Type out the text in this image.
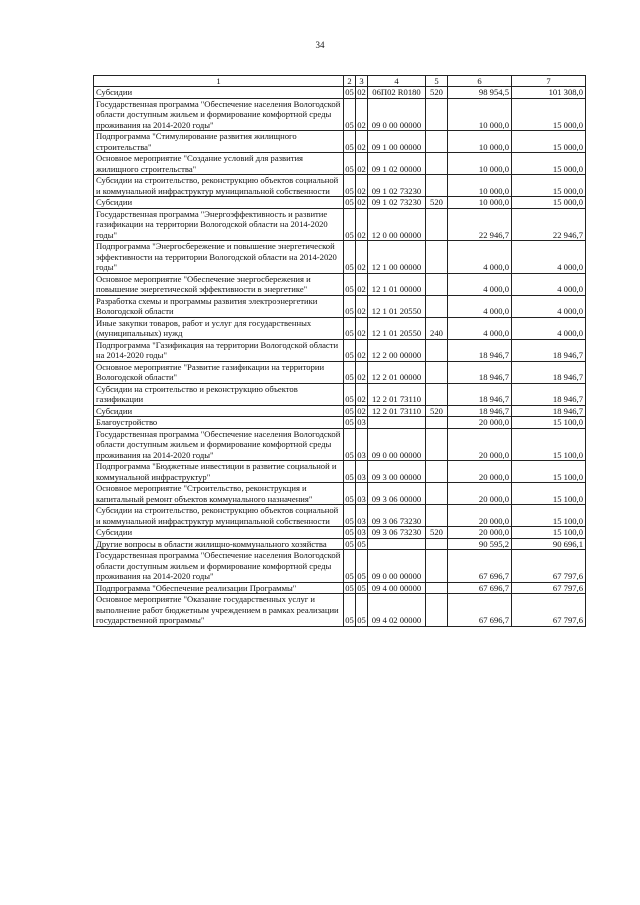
34
1	2	3	4	5	6	7
Субсидии	05	02	06П02 R0180	520	98 954,5	101 308,0
Государственная программа "Обеспечение населения Вологодской области доступным жильем и формирование комфортной среды проживания на 2014-2020 годы"	05	02	09 0 00 00000		10 000,0	15 000,0
Подпрограмма "Стимулирование развития жилищного строительства"	05	02	09 1 00 00000		10 000,0	15 000,0
Основное мероприятие "Создание условий для развития жилищного строительства"	05	02	09 1 02 00000		10 000,0	15 000,0
Субсидии на строительство, реконструкцию объектов социальной и коммунальной инфраструктур муниципальной собственности	05	02	09 1 02 73230		10 000,0	15 000,0
Субсидии	05	02	09 1 02 73230	520	10 000,0	15 000,0
Государственная программа "Энергоэффективность и развитие газификации на территории Вологодской области на 2014-2020 годы"	05	02	12 0 00 00000		22 946,7	22 946,7
Подпрограмма "Энергосбережение и повышение энергетической эффективности на территории Вологодской области на 2014-2020 годы"	05	02	12 1 00 00000		4 000,0	4 000,0
Основное мероприятие "Обеспечение энергосбережения и повышение энергетической эффективности в энергетике"	05	02	12 1 01 00000		4 000,0	4 000,0
Разработка схемы и программы развития электроэнергетики Вологодской области	05	02	12 1 01 20550		4 000,0	4 000,0
Иные закупки товаров, работ и услуг для государственных (муниципальных) нужд	05	02	12 1 01 20550	240	4 000,0	4 000,0
Подпрограмма "Газификация на территории Вологодской области на 2014-2020 годы"	05	02	12 2 00 00000		18 946,7	18 946,7
Основное мероприятие "Развитие газификации на территории Вологодской области"	05	02	12 2 01 00000		18 946,7	18 946,7
Субсидии на строительство и реконструкцию объектов газификации	05	02	12 2 01 73110		18 946,7	18 946,7
Субсидии	05	02	12 2 01 73110	520	18 946,7	18 946,7
Благоустройство	05	03			20 000,0	15 100,0
Государственная программа "Обеспечение населения Вологодской области доступным жильем и формирование комфортной среды проживания на 2014-2020 годы"	05	03	09 0 00 00000		20 000,0	15 100,0
Подпрограмма "Бюджетные инвестиции в развитие социальной и коммунальной инфраструктур"	05	03	09 3 00 00000		20 000,0	15 100,0
Основное мероприятие "Строительство, реконструкция и капитальный ремонт объектов коммунального назначения"	05	03	09 3 06 00000		20 000,0	15 100,0
Субсидии на строительство, реконструкцию объектов социальной и коммунальной инфраструктур муниципальной собственности	05	03	09 3 06 73230		20 000,0	15 100,0
Субсидии	05	03	09 3 06 73230	520	20 000,0	15 100,0
Другие вопросы в области жилищно-коммунального хозяйства	05	05			90 595,2	90 696,1
Государственная программа "Обеспечение населения Вологодской области доступным жильем и формирование комфортной среды проживания на 2014-2020 годы"	05	05	09 0 00 00000		67 696,7	67 797,6
Подпрограмма "Обеспечение реализации Программы"	05	05	09 4 00 00000		67 696,7	67 797,6
Основное мероприятие "Оказание государственных услуг и выполнение работ бюджетным учреждением в рамках реализации государственной программы"	05	05	09 4 02 00000		67 696,7	67 797,6
